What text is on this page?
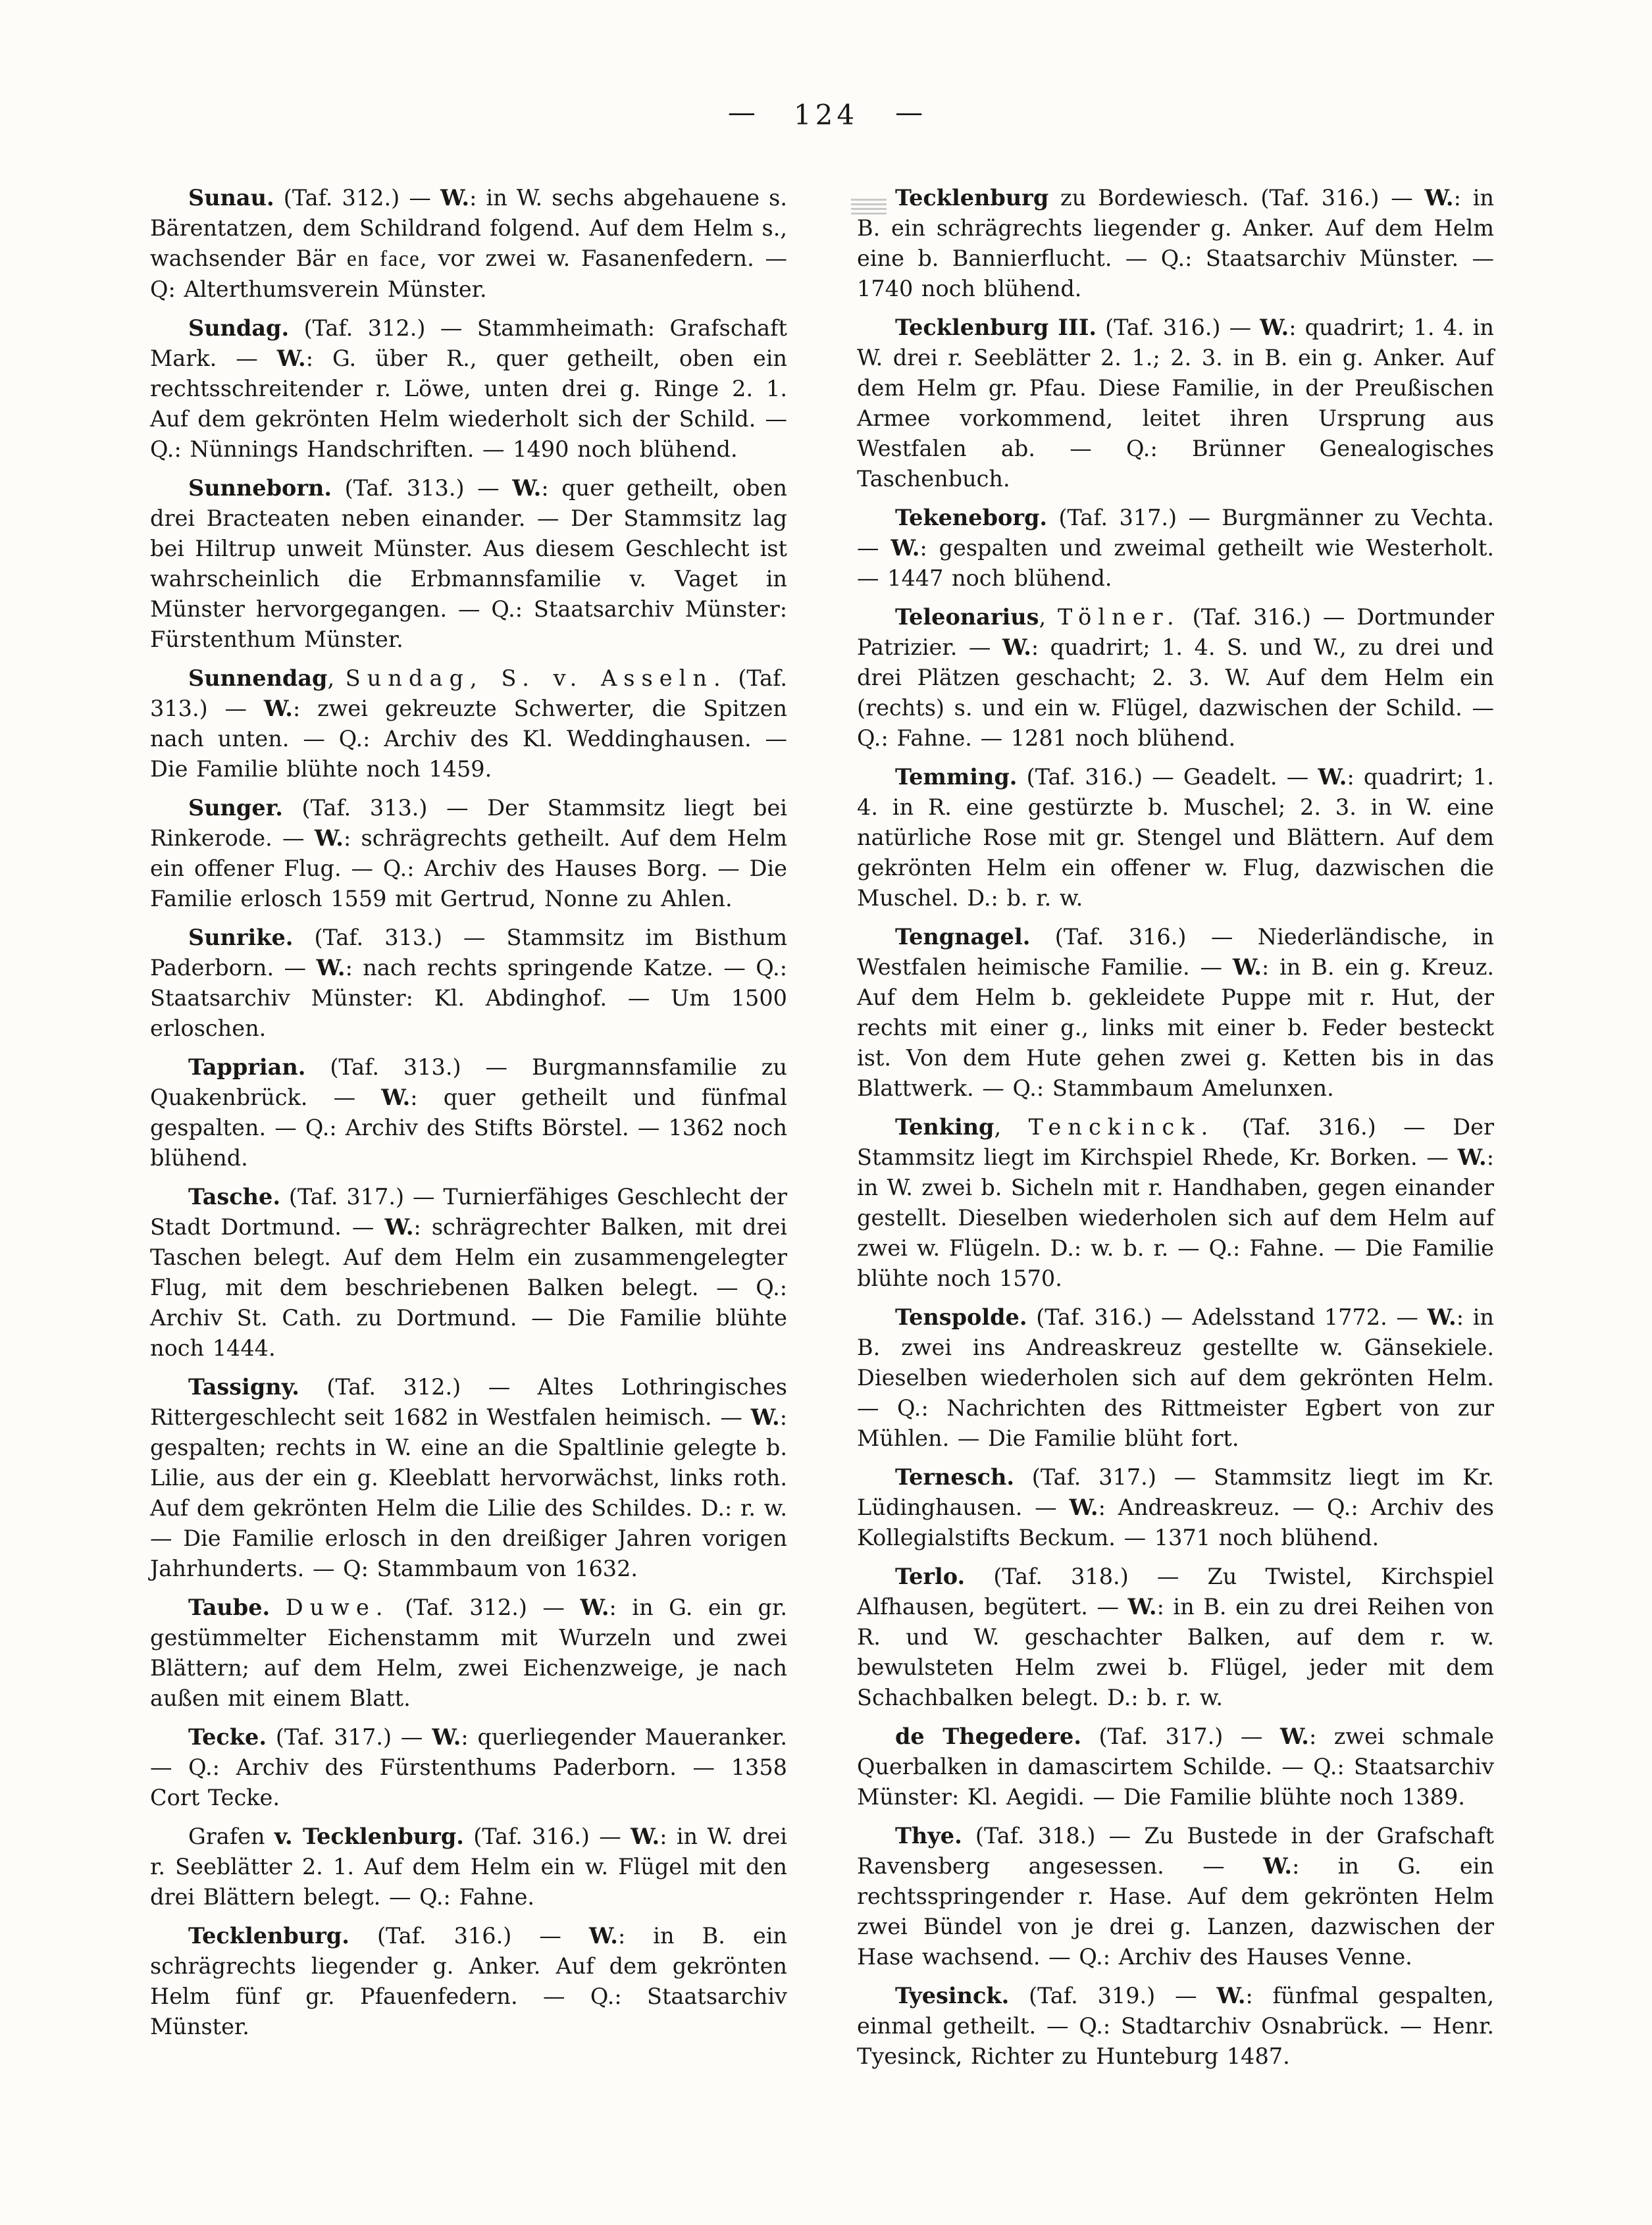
— 124 —

Sunau. (Taf. 312.) — W.: in W. sechs abgehauene s. Bärentatzen, dem Schildrand folgend. Auf dem Helm s., wachsender Bär en face, vor zwei w. Fasanenfedern. — Q: Alterthumsverein Münster.

Sundag. (Taf. 312.) — Stammheimath: Grafschaft Mark. — W.: G. über R., quer getheilt, oben ein rechtsschreitender r. Löwe, unten drei g. Ringe 2. 1. Auf dem gekrönten Helm wiederholt sich der Schild. — Q.: Nünnings Handschriften. — 1490 noch blühend.

Sunneborn. (Taf. 313.) — W.: quer getheilt, oben drei Bracteaten neben einander. — Der Stammsitz lag bei Hiltrup unweit Münster. Aus diesem Geschlecht ist wahrscheinlich die Erbmannsfamilie v. Vaget in Münster hervorgegangen. — Q.: Staatsarchiv Münster: Fürstenthum Münster.

Sunnendag, Sundag, S. v. Asseln. (Taf. 313.) — W.: zwei gekreuzte Schwerter, die Spitzen nach unten. — Q.: Archiv des Kl. Weddinghausen. — Die Familie blühte noch 1459.

Sunger. (Taf. 313.) — Der Stammsitz liegt bei Rinkerode. — W.: schrägrechts getheilt. Auf dem Helm ein offener Flug. — Q.: Archiv des Hauses Borg. — Die Familie erlosch 1559 mit Gertrud, Nonne zu Ahlen.

Sunrike. (Taf. 313.) — Stammsitz im Bisthum Paderborn. — W.: nach rechts springende Katze. — Q.: Staatsarchiv Münster: Kl. Abdinghof. — Um 1500 erloschen.

Tapprian. (Taf. 313.) — Burgmannsfamilie zu Quakenbrück. — W.: quer getheilt und fünfmal gespalten. — Q.: Archiv des Stifts Börstel. — 1362 noch blühend.

Tasche. (Taf. 317.) — Turnierfähiges Geschlecht der Stadt Dortmund. — W.: schrägrechter Balken, mit drei Taschen belegt. Auf dem Helm ein zusammengelegter Flug, mit dem beschriebenen Balken belegt. — Q.: Archiv St. Cath. zu Dortmund. — Die Familie blühte noch 1444.

Tassigny. (Taf. 312.) — Altes Lothringisches Rittergeschlecht seit 1682 in Westfalen heimisch. — W.: gespalten; rechts in W. eine an die Spaltlinie gelegte b. Lilie, aus der ein g. Kleeblatt hervorwächst, links roth. Auf dem gekrönten Helm die Lilie des Schildes. D.: r. w. — Die Familie erlosch in den dreißiger Jahren vorigen Jahrhunderts. — Q: Stammbaum von 1632.

Taube. Duwe. (Taf. 312.) — W.: in G. ein gr. gestümmelter Eichenstamm mit Wurzeln und zwei Blättern; auf dem Helm, zwei Eichenzweige, je nach außen mit einem Blatt.

Tecke. (Taf. 317.) — W.: querliegender Maueranker. — Q.: Archiv des Fürstenthums Paderborn. — 1358 Cort Tecke.

Grafen v. Tecklenburg. (Taf. 316.) — W.: in W. drei r. Seeblätter 2. 1. Auf dem Helm ein w. Flügel mit den drei Blättern belegt. — Q.: Fahne.

Tecklenburg. (Taf. 316.) — W.: in B. ein schrägrechts liegender g. Anker. Auf dem gekrönten Helm fünf gr. Pfauenfedern. — Q.: Staatsarchiv Münster.

Tecklenburg zu Bordewiesch. (Taf. 316.) — W.: in B. ein schrägrechts liegender g. Anker. Auf dem Helm eine b. Bannierflucht. — Q.: Staatsarchiv Münster. — 1740 noch blühend.

Tecklenburg III. (Taf. 316.) — W.: quadrirt; 1. 4. in W. drei r. Seeblätter 2. 1.; 2. 3. in B. ein g. Anker. Auf dem Helm gr. Pfau. Diese Familie, in der Preußischen Armee vorkommend, leitet ihren Ursprung aus Westfalen ab. — Q.: Brünner Genealogisches Taschenbuch.

Tekeneborg. (Taf. 317.) — Burgmänner zu Vechta. — W.: gespalten und zweimal getheilt wie Westerholt. — 1447 noch blühend.

Teleonarius, Tölner. (Taf. 316.) — Dortmunder Patrizier. — W.: quadrirt; 1. 4. S. und W., zu drei und drei Plätzen geschacht; 2. 3. W. Auf dem Helm ein (rechts) s. und ein w. Flügel, dazwischen der Schild. — Q.: Fahne. — 1281 noch blühend.

Temming. (Taf. 316.) — Geadelt. — W.: quadrirt; 1. 4. in R. eine gestürzte b. Muschel; 2. 3. in W. eine natürliche Rose mit gr. Stengel und Blättern. Auf dem gekrönten Helm ein offener w. Flug, dazwischen die Muschel. D.: b. r. w.

Tengnagel. (Taf. 316.) — Niederländische, in Westfalen heimische Familie. — W.: in B. ein g. Kreuz. Auf dem Helm b. gekleidete Puppe mit r. Hut, der rechts mit einer g., links mit einer b. Feder besteckt ist. Von dem Hute gehen zwei g. Ketten bis in das Blattwerk. — Q.: Stammbaum Amelunxen.

Tenking, Tenckinck. (Taf. 316.) — Der Stammsitz liegt im Kirchspiel Rhede, Kr. Borken. — W.: in W. zwei b. Sicheln mit r. Handhaben, gegen einander gestellt. Dieselben wiederholen sich auf dem Helm auf zwei w. Flügeln. D.: w. b. r. — Q.: Fahne. — Die Familie blühte noch 1570.

Tenspolde. (Taf. 316.) — Adelsstand 1772. — W.: in B. zwei ins Andreaskreuz gestellte w. Gänsekiele. Dieselben wiederholen sich auf dem gekrönten Helm. — Q.: Nachrichten des Rittmeister Egbert von zur Mühlen. — Die Familie blüht fort.

Ternesch. (Taf. 317.) — Stammsitz liegt im Kr. Lüdinghausen. — W.: Andreaskreuz. — Q.: Archiv des Kollegialstifts Beckum. — 1371 noch blühend.

Terlo. (Taf. 318.) — Zu Twistel, Kirchspiel Alfhausen, begütert. — W.: in B. ein zu drei Reihen von R. und W. geschachter Balken, auf dem r. w. bewulsteten Helm zwei b. Flügel, jeder mit dem Schachbalken belegt. D.: b. r. w.

de Thegedere. (Taf. 317.) — W.: zwei schmale Querbalken in damascirtem Schilde. — Q.: Staatsarchiv Münster: Kl. Aegidi. — Die Familie blühte noch 1389.

Thye. (Taf. 318.) — Zu Bustede in der Grafschaft Ravensberg angesessen. — W.: in G. ein rechtsspringender r. Hase. Auf dem gekrönten Helm zwei Bündel von je drei g. Lanzen, dazwischen der Hase wachsend. — Q.: Archiv des Hauses Venne.

Tyesinck. (Taf. 319.) — W.: fünfmal gespalten, einmal getheilt. — Q.: Stadtarchiv Osnabrück. — Henr. Tyesinck, Richter zu Hunteburg 1487.
